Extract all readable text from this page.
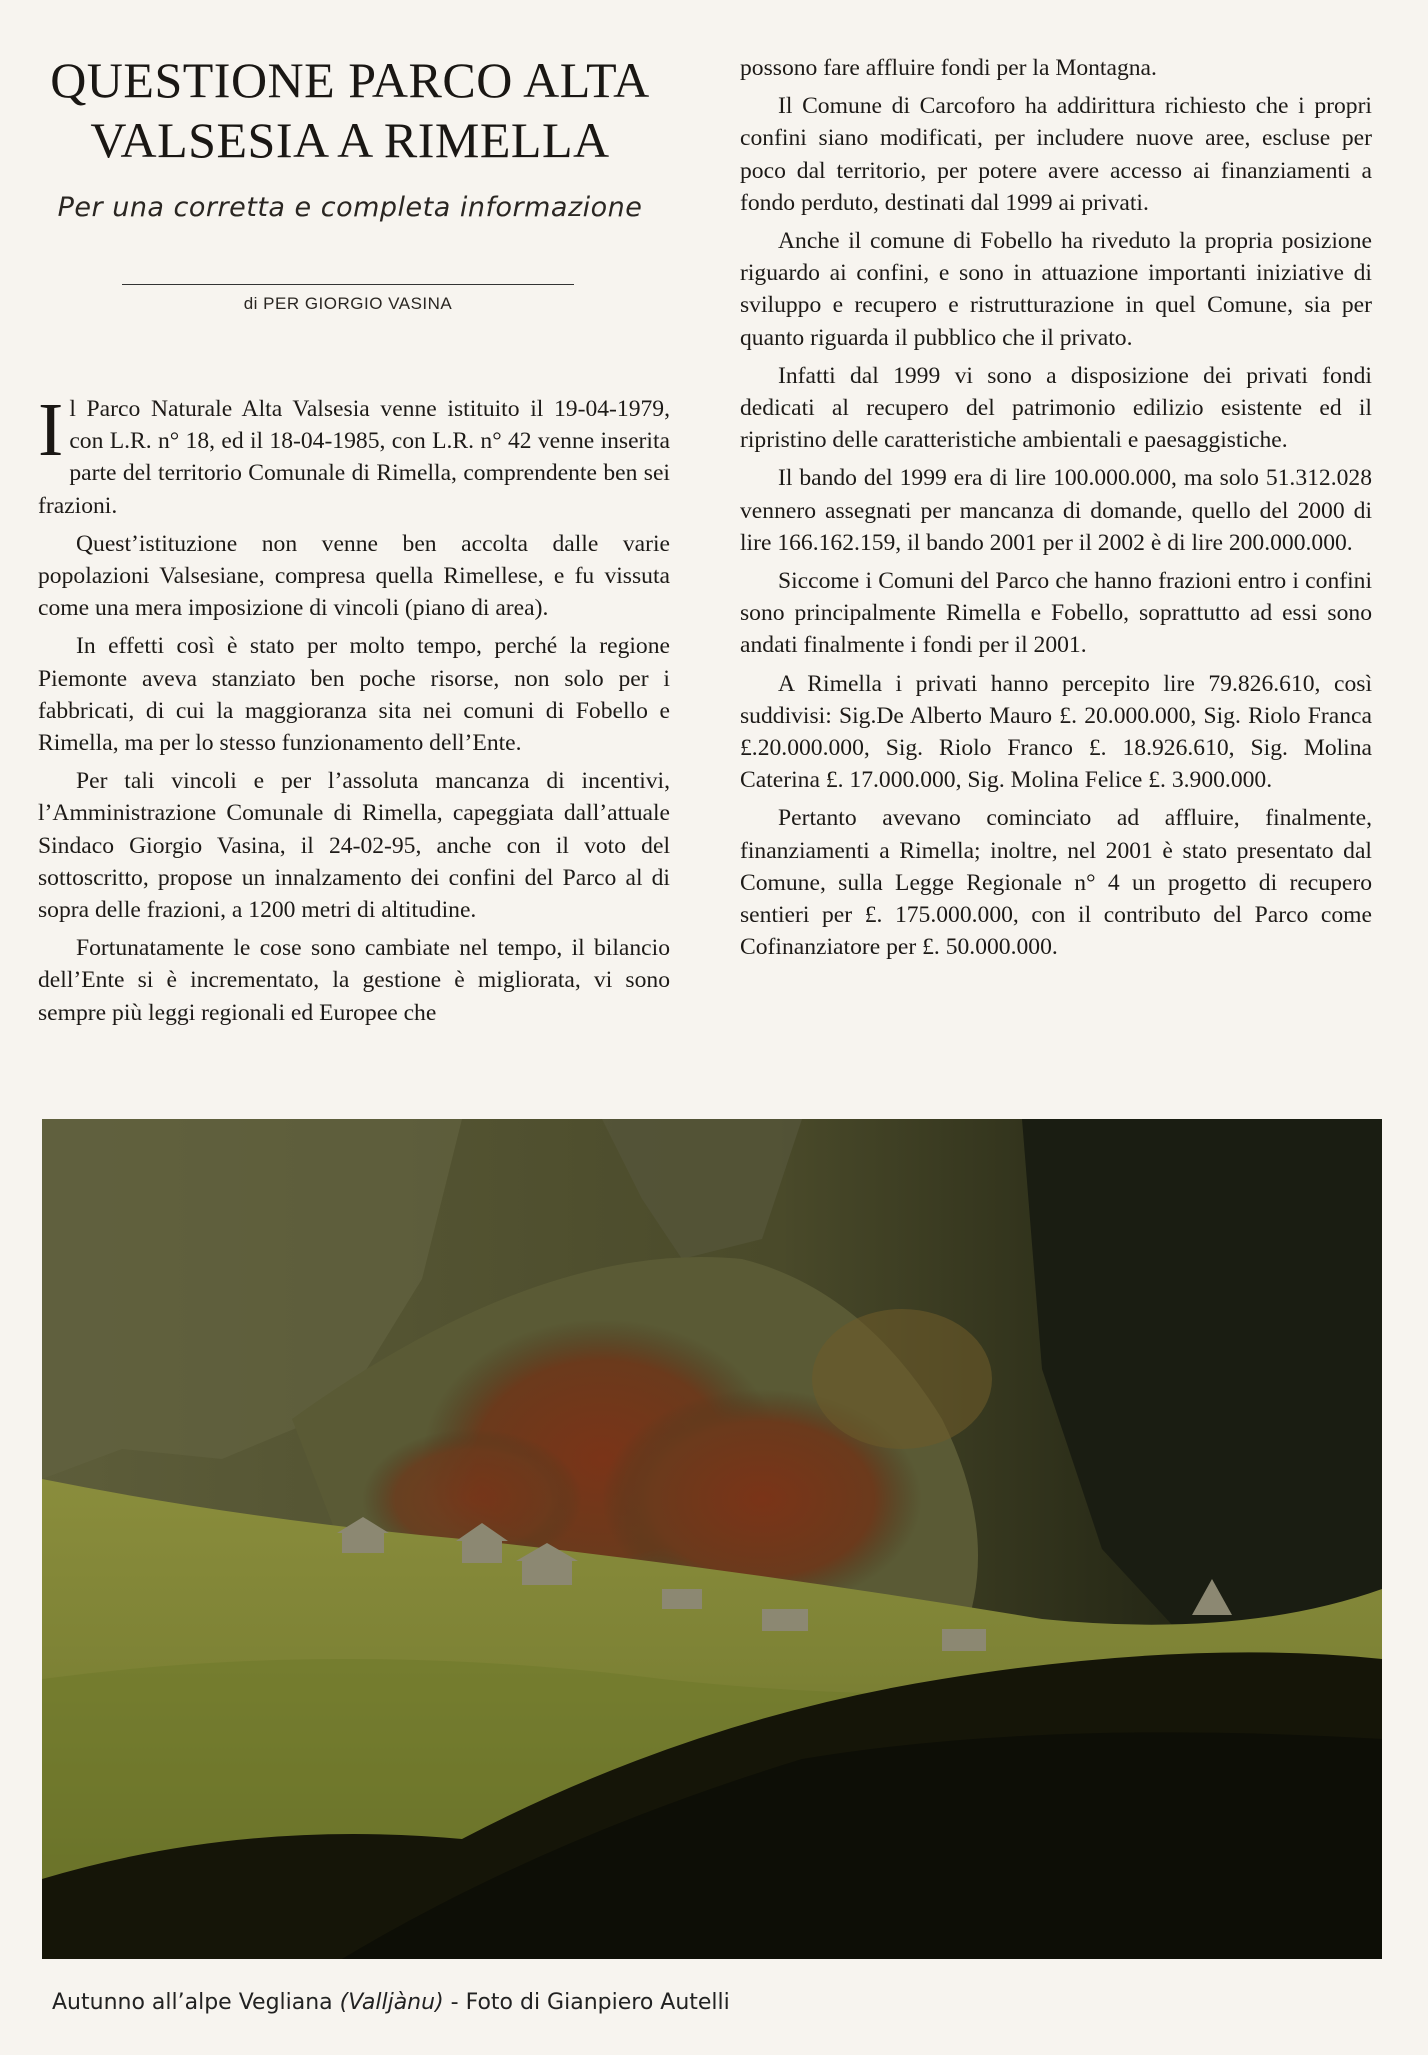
QUESTIONE PARCO ALTA
VALSESIA A RIMELLA

Per una corretta e completa informazione

di PER GIORGIO VASINA

Il Parco Naturale Alta Valsesia venne istituito il 19-04-1979, con L.R. n° 18, ed il 18-04-1985, con L.R. n° 42 venne inserita parte del territorio Comunale di Rimella, comprendente ben sei frazioni.

Quest’istituzione non venne ben accolta dalle varie popolazioni Valsesiane, compresa quella Rimellese, e fu vissuta come una mera imposizione di vincoli (piano di area).

In effetti così è stato per molto tempo, perché la regione Piemonte aveva stanziato ben poche risorse, non solo per i fabbricati, di cui la maggioranza sita nei comuni di Fobello e Rimella, ma per lo stesso funzionamento dell’Ente.

Per tali vincoli e per l’assoluta mancanza di incentivi, l’Amministrazione Comunale di Rimella, capeggiata dall’attuale Sindaco Giorgio Vasina, il 24-02-95, anche con il voto del sottoscritto, propose un innalzamento dei confini del Parco al di sopra delle frazioni, a 1200 metri di altitudine.

Fortunatamente le cose sono cambiate nel tempo, il bilancio dell’Ente si è incrementato, la gestione è migliorata, vi sono sempre più leggi regionali ed Europee che

possono fare affluire fondi per la Montagna.

Il Comune di Carcoforo ha addirittura richiesto che i propri confini siano modificati, per includere nuove aree, escluse per poco dal territorio, per potere avere accesso ai finanziamenti a fondo perduto, destinati dal 1999 ai privati.

Anche il comune di Fobello ha riveduto la propria posizione riguardo ai confini, e sono in attuazione importanti iniziative di sviluppo e recupero e ristrutturazione in quel Comune, sia per quanto riguarda il pubblico che il privato.

Infatti dal 1999 vi sono a disposizione dei privati fondi dedicati al recupero del patrimonio edilizio esistente ed il ripristino delle caratteristiche ambientali e paesaggistiche.

Il bando del 1999 era di lire 100.000.000, ma solo 51.312.028 vennero assegnati per mancanza di domande, quello del 2000 di lire 166.162.159, il bando 2001 per il 2002 è di lire 200.000.000.

Siccome i Comuni del Parco che hanno frazioni entro i confini sono principalmente Rimella e Fobello, soprattutto ad essi sono andati finalmente i fondi per il 2001.

A Rimella i privati hanno percepito lire 79.826.610, così suddivisi: Sig.De Alberto Mauro £. 20.000.000, Sig. Riolo Franca £.20.000.000, Sig. Riolo Franco £. 18.926.610, Sig. Molina Caterina £. 17.000.000, Sig. Molina Felice £. 3.900.000.

Pertanto avevano cominciato ad affluire, finalmente, finanziamenti a Rimella; inoltre, nel 2001 è stato presentato dal Comune, sulla Legge Regionale n° 4 un progetto di recupero sentieri per £. 175.000.000, con il contributo del Parco come Cofinanziatore per £. 50.000.000.

Autunno all’alpe Vegliana (Valljànu) - Foto di Gianpiero Autelli
